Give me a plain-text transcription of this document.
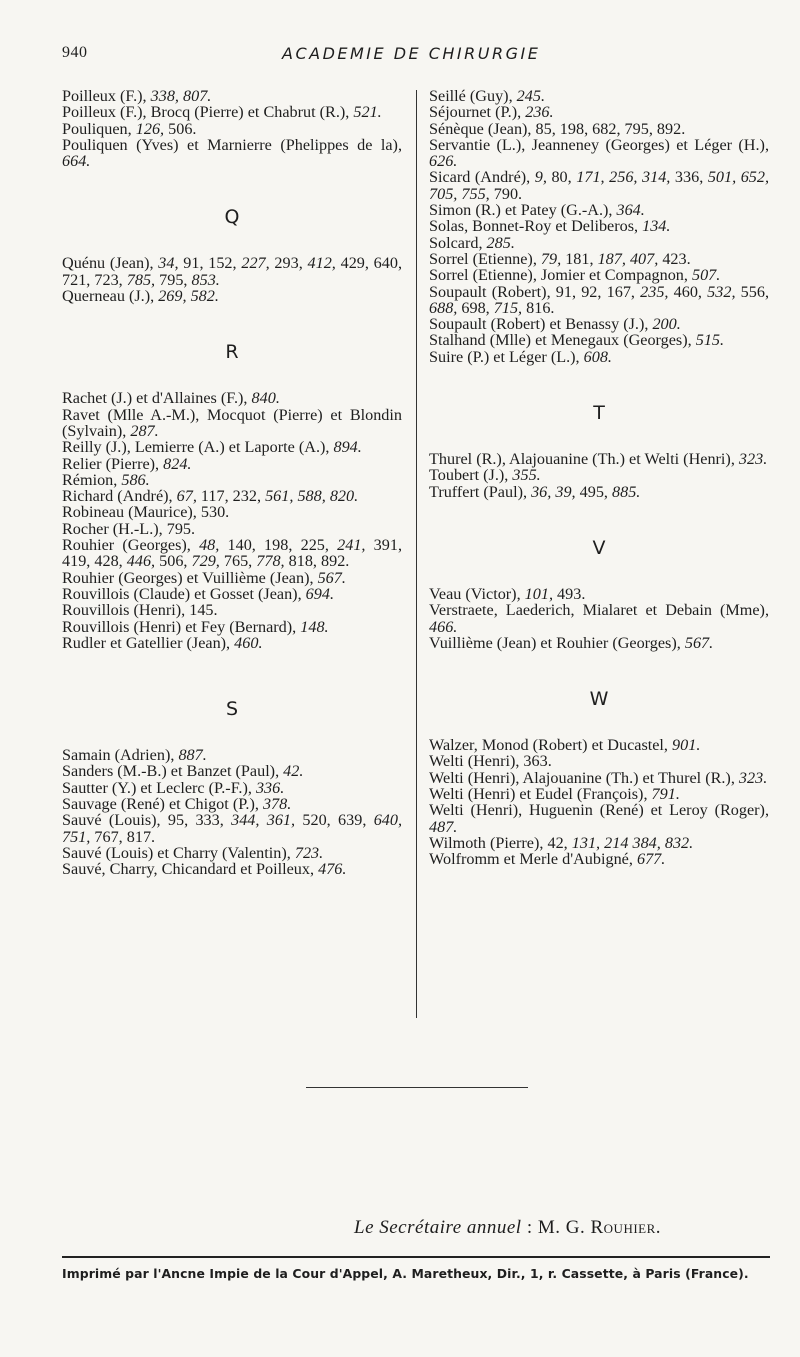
940	ACADEMIE DE CHIRURGIE
Poilleux (F.), 338, 807.
Poilleux (F.), Brocq (Pierre) et Chabrut (R.), 521.
Pouliquen, 126, 506.
Pouliquen (Yves) et Marnierre (Phelippes de la), 664.
Q
Quénu (Jean), 34, 91, 152, 227, 293, 412, 429, 640, 721, 723, 785, 795, 853.
Querneau (J.), 269, 582.
R
Rachet (J.) et d'Allaines (F.), 840.
Ravet (Mlle A.-M.), Mocquot (Pierre) et Blondin (Sylvain), 287.
Reilly (J.), Lemierre (A.) et Laporte (A.), 894.
Relier (Pierre), 824.
Rémion, 586.
Richard (André), 67, 117, 232, 561, 588, 820.
Robineau (Maurice), 530.
Rocher (H.-L.), 795.
Rouhier (Georges), 48, 140, 198, 225, 241, 391, 419, 428, 446, 506, 729, 765, 778, 818, 892.
Rouhier (Georges) et Vuillième (Jean), 567.
Rouvillois (Claude) et Gosset (Jean), 694.
Rouvillois (Henri), 145.
Rouvillois (Henri) et Fey (Bernard), 148.
Rudler et Gatellier (Jean), 460.
S
Samain (Adrien), 887.
Sanders (M.-B.) et Banzet (Paul), 42.
Sautter (Y.) et Leclerc (P.-F.), 336.
Sauvage (René) et Chigot (P.), 378.
Sauvé (Louis), 95, 333, 344, 361, 520, 639, 640, 751, 767, 817.
Sauvé (Louis) et Charry (Valentin), 723.
Sauvé, Charry, Chicandard et Poilleux, 476.
Seillé (Guy), 245.
Séjournet (P.), 236.
Sénèque (Jean), 85, 198, 682, 795, 892.
Servantie (L.), Jeanneney (Georges) et Léger (H.), 626.
Sicard (André), 9, 80, 171, 256, 314, 336, 501, 652, 705, 755, 790.
Simon (R.) et Patey (G.-A.), 364.
Solas, Bonnet-Roy et Deliberos, 134.
Solcard, 285.
Sorrel (Etienne), 79, 181, 187, 407, 423.
Sorrel (Etienne), Jomier et Compagnon, 507.
Soupault (Robert), 91, 92, 167, 235, 460, 532, 556, 688, 698, 715, 816.
Soupault (Robert) et Benassy (J.), 200.
Stalhand (Mlle) et Menegaux (Georges), 515.
Suire (P.) et Léger (L.), 608.
T
Thurel (R.), Alajouanine (Th.) et Welti (Henri), 323.
Toubert (J.), 355.
Truffert (Paul), 36, 39, 495, 885.
V
Veau (Victor), 101, 493.
Verstraete, Laederich, Mialaret et Debain (Mme), 466.
Vuillième (Jean) et Rouhier (Georges), 567.
W
Walzer, Monod (Robert) et Ducastel, 901.
Welti (Henri), 363.
Welti (Henri), Alajouanine (Th.) et Thurel (R.), 323.
Welti (Henri) et Eudel (François), 791.
Welti (Henri), Huguenin (René) et Leroy (Roger), 487.
Wilmoth (Pierre), 42, 131, 214 384, 832.
Wolfromm et Merle d'Aubigné, 677.
Le Secrétaire annuel : M. G. Rouhier.
Imprimé par l'Ancne Impie de la Cour d'Appel, A. Maretheux, Dir., 1, r. Cassette, à Paris (France).
